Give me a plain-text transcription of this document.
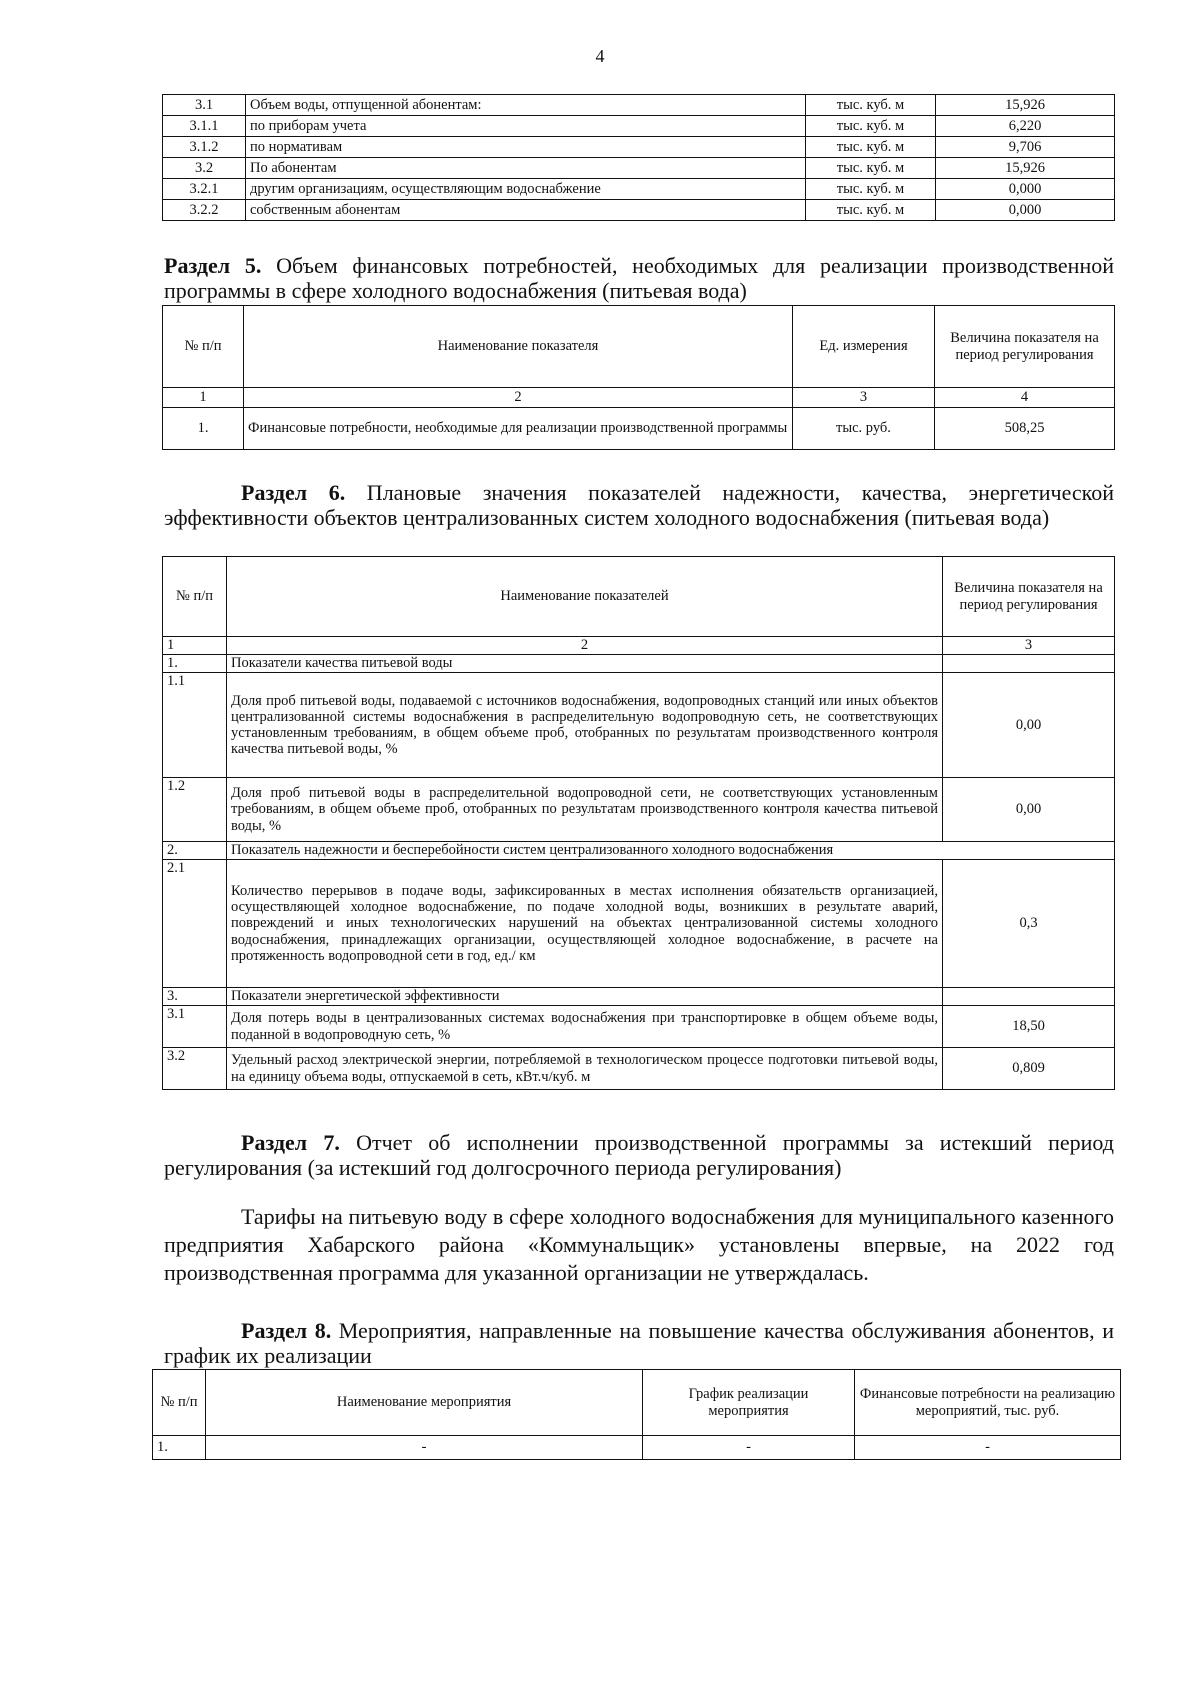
4
3.1	Объем воды, отпущенной абонентам:	тыс. куб. м	15,926
3.1.1	по приборам учета	тыс. куб. м	6,220
3.1.2	по нормативам	тыс. куб. м	9,706
3.2	По абонентам	тыс. куб. м	15,926
3.2.1	другим организациям, осуществляющим водоснабжение	тыс. куб. м	0,000
3.2.2	собственным абонентам	тыс. куб. м	0,000
Раздел 5. Объем финансовых потребностей, необходимых для реализации производственной программы в сфере холодного водоснабжения (питьевая вода)
№ п/п	Наименование показателя	Ед. измерения	Величина показателя на период регулирования
1	2	3	4
1.	Финансовые потребности, необходимые для реализации производственной программы	тыс. руб.	508,25
Раздел 6. Плановые значения показателей надежности, качества, энергетической эффективности объектов централизованных систем холодного водоснабжения (питьевая вода)
№ п/п	Наименование показателей	Величина показателя на период регулирования
1	2	3
1.	Показатели качества питьевой воды	
1.1	Доля проб питьевой воды, подаваемой с источников водоснабжения, водопроводных станций или иных объектов централизованной системы водоснабжения в распределительную водопроводную сеть, не соответствующих установленным требованиям, в общем объеме проб, отобранных по результатам производственного контроля качества питьевой воды, %	0,00
1.2	Доля проб питьевой воды в распределительной водопроводной сети, не соответствующих установленным требованиям, в общем объеме проб, отобранных по результатам производственного контроля качества питьевой воды, %	0,00
2.	Показатель надежности и бесперебойности систем централизованного холодного водоснабжения	
2.1	Количество перерывов в подаче воды, зафиксированных в местах исполнения обязательств организацией, осуществляющей холодное водоснабжение, по подаче холодной воды, возникших в результате аварий, повреждений и иных технологических нарушений на объектах централизованной системы холодного водоснабжения, принадлежащих организации, осуществляющей холодное водоснабжение, в расчете на протяженность водопроводной сети в год, ед./ км	0,3
3.	Показатели энергетической эффективности	
3.1	Доля потерь воды в централизованных системах водоснабжения при транспортировке в общем объеме воды, поданной в водопроводную сеть, %	18,50
3.2	Удельный расход электрической энергии, потребляемой в технологическом процессе подготовки питьевой воды, на единицу объема воды, отпускаемой в сеть, кВт.ч/куб. м	0,809
Раздел 7. Отчет об исполнении производственной программы за истекший период регулирования (за истекший год долгосрочного периода регулирования)
Тарифы на питьевую воду в сфере холодного водоснабжения для муниципального казенного предприятия Хабарского района «Коммунальщик» установлены впервые, на 2022 год производственная программа для указанной организации не утверждалась.
Раздел 8. Мероприятия, направленные на повышение качества обслуживания абонентов, и график их реализации
№ п/п	Наименование мероприятия	График реализации мероприятия	Финансовые потребности на реализацию мероприятий, тыс. руб.
1.	-	-	-
